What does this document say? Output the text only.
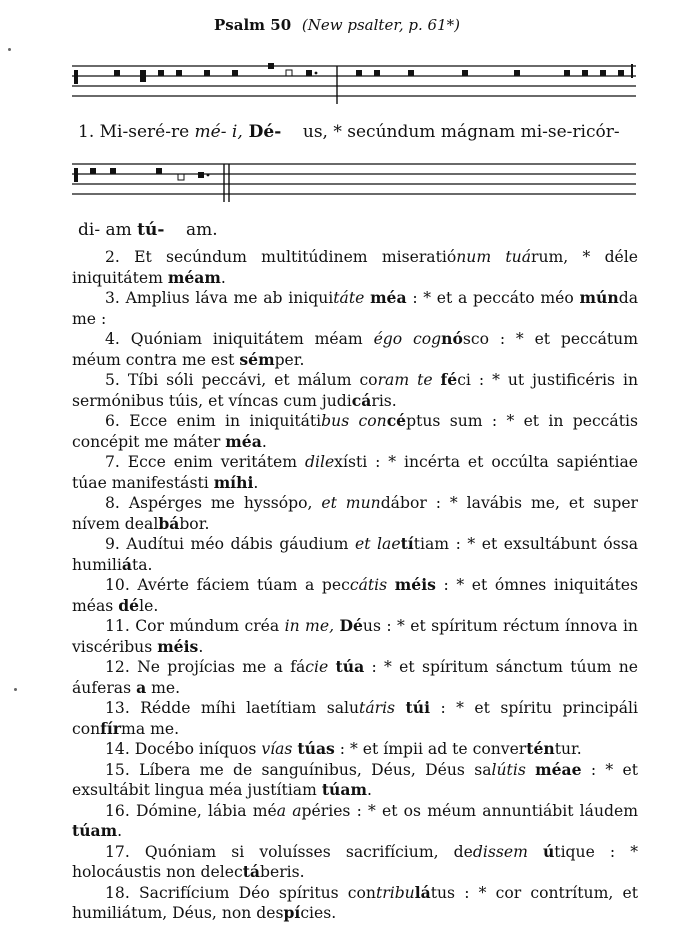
Psalm 50 (New psalter, p. 61*)
1. Mi-seré-re mé- i, Dé-    us, * secúndum mágnam mi-se-ricór-
di- am tú-    am.
2. Et secúndum multitúdinem miseratiónum tuárum, * déle iniquitátem méam.
3. Amplius láva me ab iniquitáte méa : * et a peccáto méo múnda me :
4. Quóniam iniquitátem méam égo cognósco : * et peccátum méum contra me est sémper.
5. Tíbi sóli peccávi, et málum coram te féci : * ut justificéris in sermónibus túis, et víncas cum judicáris.
6. Ecce enim in iniquitátibus concéptus sum : * et in peccátis concépit me máter méa.
7. Ecce enim veritátem dilexísti : * incérta et occúlta sapiéntiae túae manifestásti míhi.
8. Aspérges me hyssópo, et mundábor : * lavábis me, et super nívem dealbábor.
9. Audítui méo dábis gáudium et laetítiam : * et exsultábunt óssa humiliáta.
10. Avérte fáciem túam a peccátis méis : * et ómnes iniquitátes méas déle.
11. Cor múndum créa in me, Déus : * et spíritum réctum ínnova in viscéribus méis.
12. Ne projícias me a fácie túa : * et spíritum sánctum túum ne áuferas a me.
13. Rédde míhi laetítiam salutáris túi : * et spíritu principáli confírma me.
14. Docébo iníquos vías túas : * et ímpii ad te converténtur.
15. Líbera me de sanguínibus, Déus, Déus salútis méae : * et exsultábit lingua méa justítiam túam.
16. Dómine, lábia méa apéries : * et os méum annuntiábit láudem túam.
17. Quóniam si voluísses sacrifícium, dedissem útique : * holocáustis non delectáberis.
18. Sacrifícium Déo spíritus contribulátus : * cor contrítum, et humiliátum, Déus, non despícies.
